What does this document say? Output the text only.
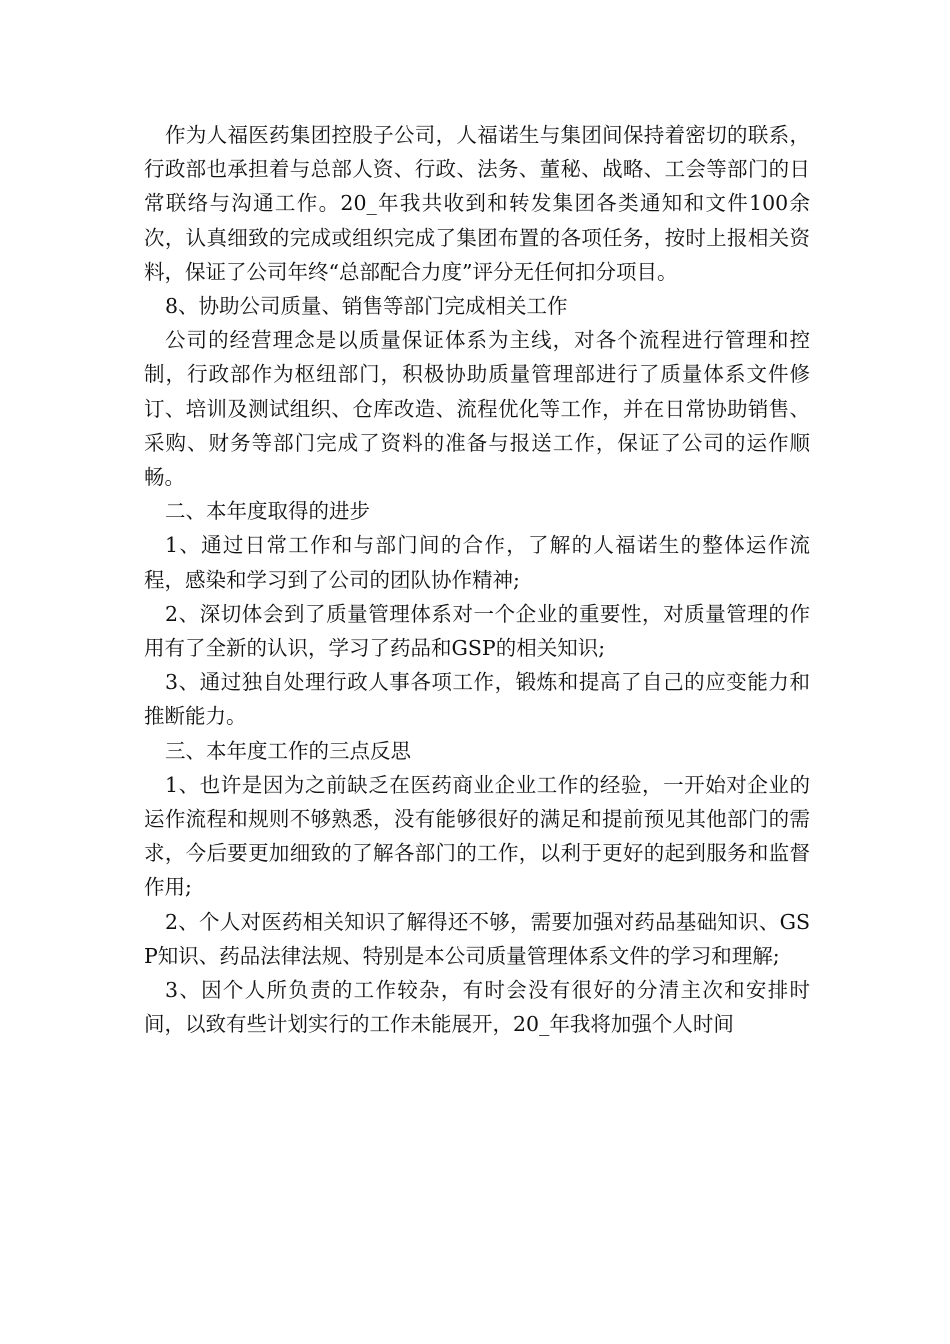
作为人福医药集团控股子公司，人福诺生与集团间保持着密切的联系，行政部也承担着与总部人资、行政、法务、董秘、战略、工会等部门的日常联络与沟通工作。20_年我共收到和转发集团各类通知和文件100余次，认真细致的完成或组织完成了集团布置的各项任务，按时上报相关资料，保证了公司年终“总部配合力度”评分无任何扣分项目。

8、协助公司质量、销售等部门完成相关工作

公司的经营理念是以质量保证体系为主线，对各个流程进行管理和控制，行政部作为枢纽部门，积极协助质量管理部进行了质量体系文件修订、培训及测试组织、仓库改造、流程优化等工作，并在日常协助销售、采购、财务等部门完成了资料的准备与报送工作，保证了公司的运作顺畅。

二、本年度取得的进步

1、通过日常工作和与部门间的合作，了解的人福诺生的整体运作流程，感染和学习到了公司的团队协作精神;

2、深切体会到了质量管理体系对一个企业的重要性，对质量管理的作用有了全新的认识，学习了药品和GSP的相关知识;

3、通过独自处理行政人事各项工作，锻炼和提高了自己的应变能力和推断能力。

三、本年度工作的三点反思

1、也许是因为之前缺乏在医药商业企业工作的经验，一开始对企业的运作流程和规则不够熟悉，没有能够很好的满足和提前预见其他部门的需求，今后要更加细致的了解各部门的工作，以利于更好的起到服务和监督作用;

2、个人对医药相关知识了解得还不够，需要加强对药品基础知识、GSP知识、药品法律法规、特别是本公司质量管理体系文件的学习和理解;

3、因个人所负责的工作较杂，有时会没有很好的分清主次和安排时间，以致有些计划实行的工作未能展开，20_年我将加强个人时间
